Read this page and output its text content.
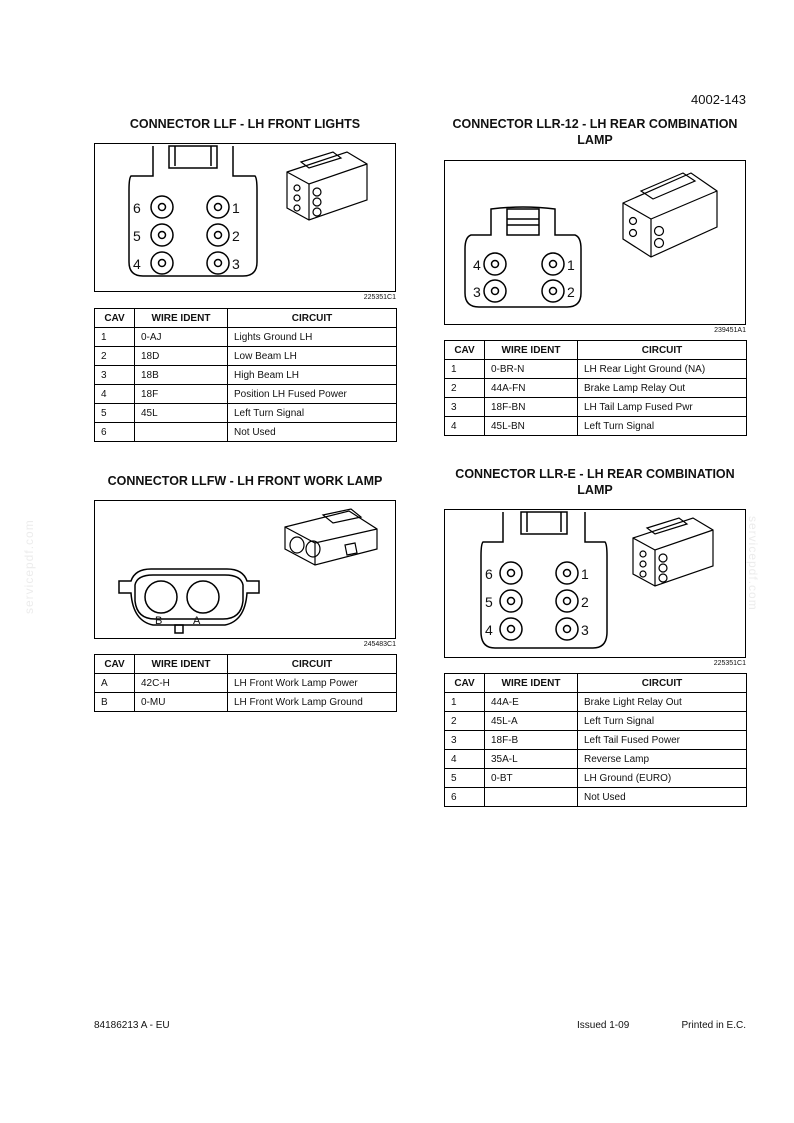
4002-143
servicepdf.com	servicepdf.com
CONNECTOR LLF - LH FRONT LIGHTS
6
5
4
1
2
3
225351C1
CAV	WIRE IDENT	CIRCUIT
1	0-AJ	Lights Ground LH
2	18D	Low Beam LH
3	18B	High Beam LH
4	18F	Position LH Fused Power
5	45L	Left Turn Signal
6		Not Used
CONNECTOR LLFW - LH FRONT WORK LAMP
B	A
245483C1
CAV	WIRE IDENT	CIRCUIT
A	42C-H	LH Front Work Lamp Power
B	0-MU	LH Front Work Lamp Ground
CONNECTOR LLR-12 - LH REAR COMBINATION
LAMP
4
3
1
2
239451A1
CAV	WIRE IDENT	CIRCUIT
1	0-BR-N	LH Rear Light Ground (NA)
2	44A-FN	Brake Lamp Relay Out
3	18F-BN	LH Tail Lamp Fused Pwr
4	45L-BN	Left Turn Signal
CONNECTOR LLR-E - LH REAR COMBINATION
LAMP
6
5
4
1
2
3
225351C1
CAV	WIRE IDENT	CIRCUIT
1	44A-E	Brake Light Relay Out
2	45L-A	Left Turn Signal
3	18F-B	Left Tail Fused Power
4	35A-L	Reverse Lamp
5	0-BT	LH Ground (EURO)
6		Not Used
84186213 A - EU	Issued 1-09	Printed in E.C.
